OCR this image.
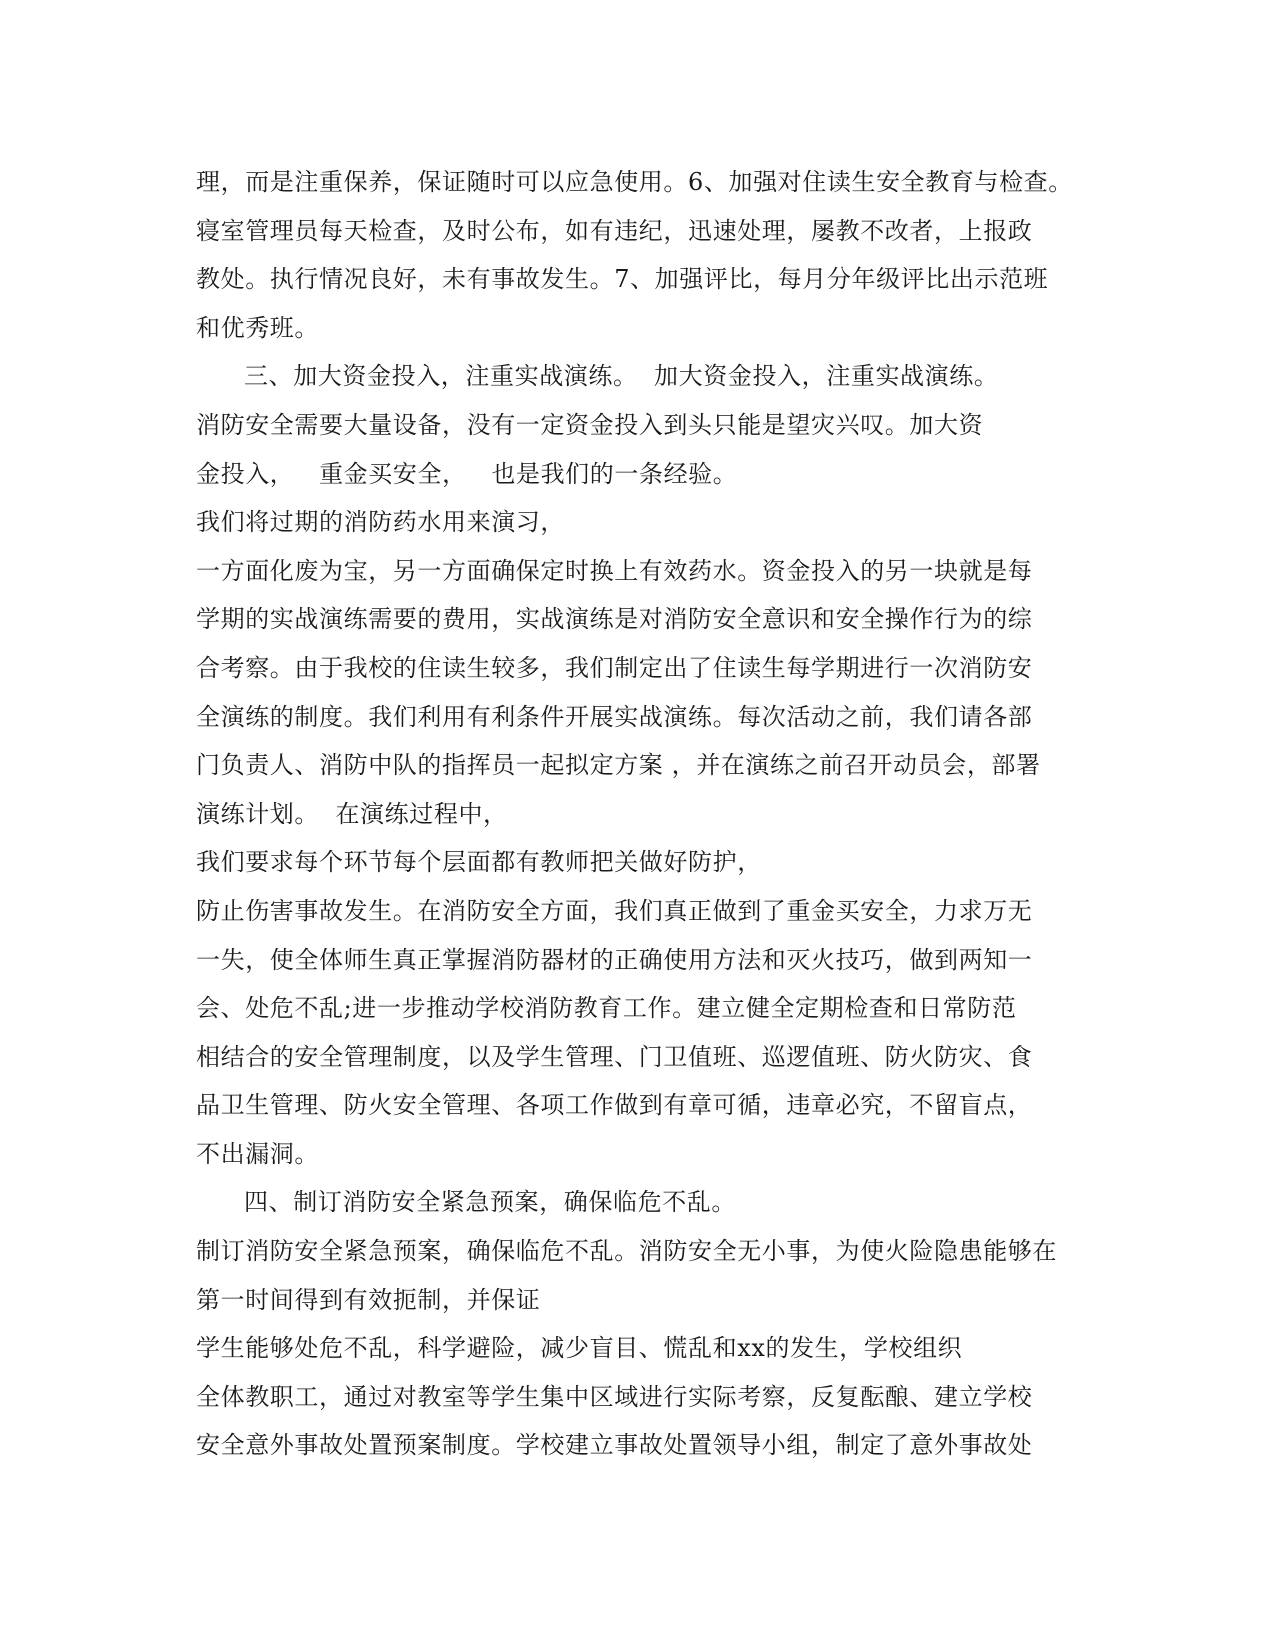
理，而是注重保养，保证随时可以应急使用。6、加强对住读生安全教育与检查。
寝室管理员每天检查，及时公布，如有违纪，迅速处理，屡教不改者，上报政
教处。执行情况良好，未有事故发生。7、加强评比，每月分年级评比出示范班
和优秀班。
三、加大资金投入，注重实战演练。  加大资金投入，注重实战演练。
消防安全需要大量设备，没有一定资金投入到头只能是望灾兴叹。加大资
金投入，   重金买安全，   也是我们的一条经验。
我们将过期的消防药水用来演习，
一方面化废为宝，另一方面确保定时换上有效药水。资金投入的另一块就是每
学期的实战演练需要的费用，实战演练是对消防安全意识和安全操作行为的综
合考察。由于我校的住读生较多，我们制定出了住读生每学期进行一次消防安
全演练的制度。我们利用有利条件开展实战演练。每次活动之前，我们请各部
门负责人、消防中队的指挥员一起拟定方案 ，并在演练之前召开动员会，部署
演练计划。  在演练过程中，
我们要求每个环节每个层面都有教师把关做好防护，
防止伤害事故发生。在消防安全方面，我们真正做到了重金买安全，力求万无
一失，使全体师生真正掌握消防器材的正确使用方法和灭火技巧，做到两知一
会、处危不乱;进一步推动学校消防教育工作。建立健全定期检查和日常防范
相结合的安全管理制度，以及学生管理、门卫值班、巡逻值班、防火防灾、食
品卫生管理、防火安全管理、各项工作做到有章可循，违章必究，不留盲点，
不出漏洞。
四、制订消防安全紧急预案，确保临危不乱。
制订消防安全紧急预案，确保临危不乱。消防安全无小事，为使火险隐患能够在
第一时间得到有效扼制，并保证
学生能够处危不乱，科学避险，减少盲目、慌乱和xx的发生，学校组织
全体教职工，通过对教室等学生集中区域进行实际考察，反复酝酿、建立学校
安全意外事故处置预案制度。学校建立事故处置领导小组，制定了意外事故处
